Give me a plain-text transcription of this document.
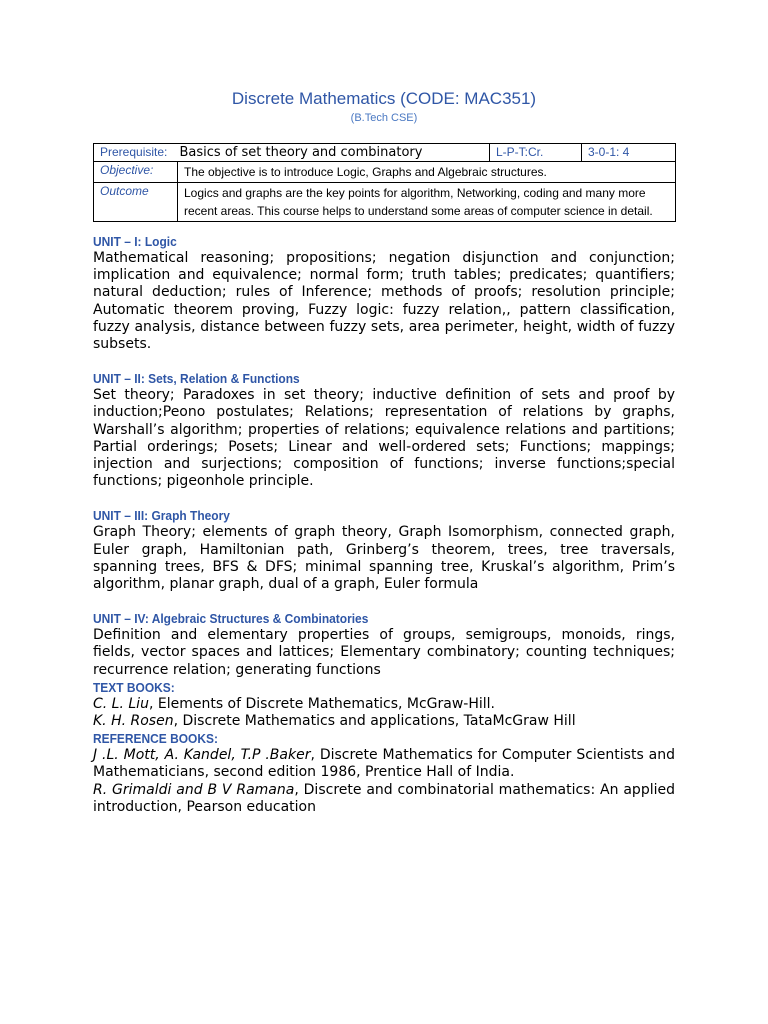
Discrete Mathematics (CODE: MAC351)
(B.Tech CSE)
Prerequisite:	Basics of set theory and combinatory	L-P-T:Cr.	3-0-1: 4
Objective:	The objective is to introduce Logic, Graphs and Algebraic structures.		
Outcome	Logics and graphs are the key points for algorithm, Networking, coding and many more recent areas. This course helps to understand some areas of computer science in detail.		

UNIT – I: Logic

Mathematical reasoning; propositions; negation disjunction and conjunction; implication and equivalence; normal form; truth tables; predicates; quantifiers; natural deduction; rules of Inference; methods of proofs; resolution principle; Automatic theorem proving, Fuzzy logic: fuzzy relation,, pattern classification, fuzzy analysis, distance between fuzzy sets, area perimeter, height, width of fuzzy subsets.

UNIT – II: Sets, Relation & Functions

Set theory; Paradoxes in set theory; inductive definition of sets and proof by induction;Peono postulates; Relations; representation of relations by graphs, Warshall’s algorithm; properties of relations; equivalence relations and partitions; Partial orderings; Posets; Linear and well-ordered sets; Functions; mappings; injection and surjections; composition of functions; inverse functions;special functions; pigeonhole principle.

UNIT – III: Graph Theory

Graph Theory; elements of graph theory, Graph Isomorphism, connected graph, Euler graph, Hamiltonian path, Grinberg’s theorem, trees, tree traversals, spanning trees, BFS & DFS; minimal spanning tree, Kruskal’s algorithm, Prim’s algorithm, planar graph, dual of a graph, Euler formula

UNIT – IV: Algebraic Structures & Combinatories

Definition and elementary properties of groups, semigroups, monoids, rings, fields, vector spaces and lattices; Elementary combinatory; counting techniques; recurrence relation; generating functions

TEXT BOOKS:

C. L. Liu, Elements of Discrete Mathematics, McGraw-Hill.

K. H. Rosen, Discrete Mathematics and applications, TataMcGraw Hill

REFERENCE BOOKS:

J .L. Mott, A. Kandel, T.P .Baker, Discrete Mathematics for Computer Scientists and Mathematicians, second edition 1986, Prentice Hall of India.

R. Grimaldi and B V Ramana, Discrete and combinatorial mathematics: An applied introduction, Pearson education
